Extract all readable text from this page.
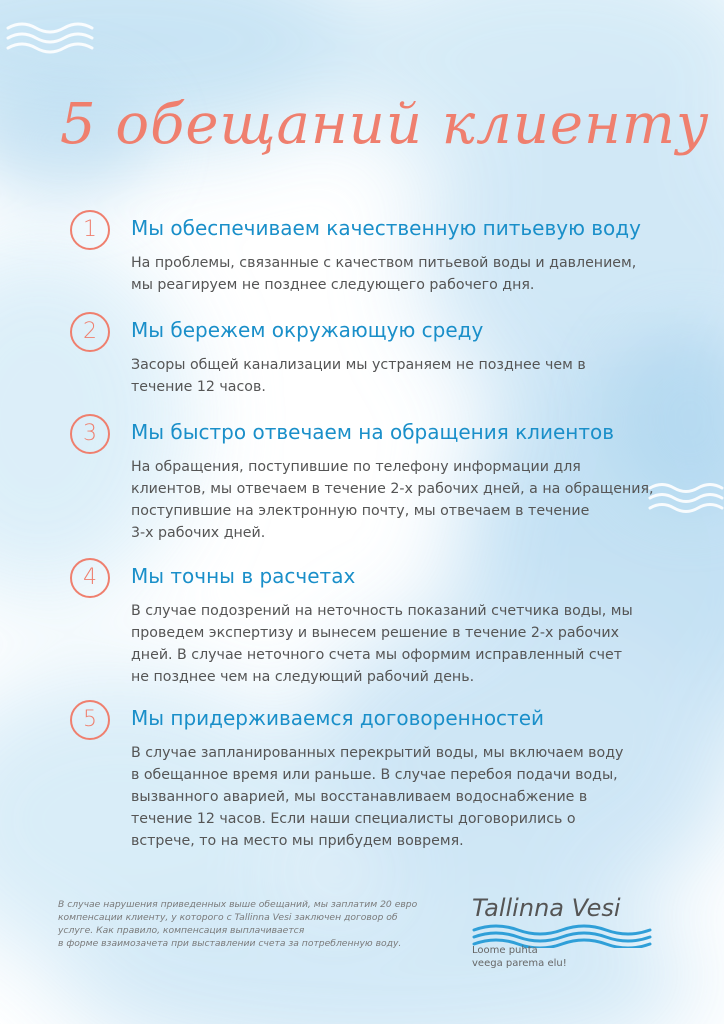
5 обещаний клиенту
1	Мы обеспечиваем качественную питьевую воду
На проблемы, связанные с качеством питьевой воды и давлением,
мы реагируем не позднее следующего рабочего дня.
2	Мы бережем окружающую среду
Засоры общей канализации мы устраняем не позднее чем в
течение 12 часов.
3	Мы быстро отвечаем на обращения клиентов
На обращения, поступившие по телефону информации для
клиентов, мы отвечаем в течение 2-х рабочих дней, а на обращения,
поступившие на электронную почту, мы отвечаем в течение
3-х рабочих дней.
4	Мы точны в расчетах
В случае подозрений на неточность показаний счетчика воды, мы
проведем экспертизу и вынесем решение в течение 2-х рабочих
дней. В случае неточного счета мы оформим исправленный счет
не позднее чем на следующий рабочий день.
5	Мы придерживаемся договоренностей
В случае запланированных перекрытий воды, мы включаем воду
в обещанное время или раньше. В случае перебоя подачи воды,
вызванного аварией, мы восстанавливаем водоснабжение в
течение 12 часов. Если наши специалисты договорились о
встрече, то на место мы прибудем вовремя.
В случае нарушения приведенных выше обещаний, мы заплатим 20 евро
компенсации клиенту, у которого с Tallinna Vesi заключен договор об
услуге. Как правило, компенсация выплачивается
в форме взаимозачета при выставлении счета за потребленную воду.
Tallinna Vesi
Loome puhta
veega parema elu!
